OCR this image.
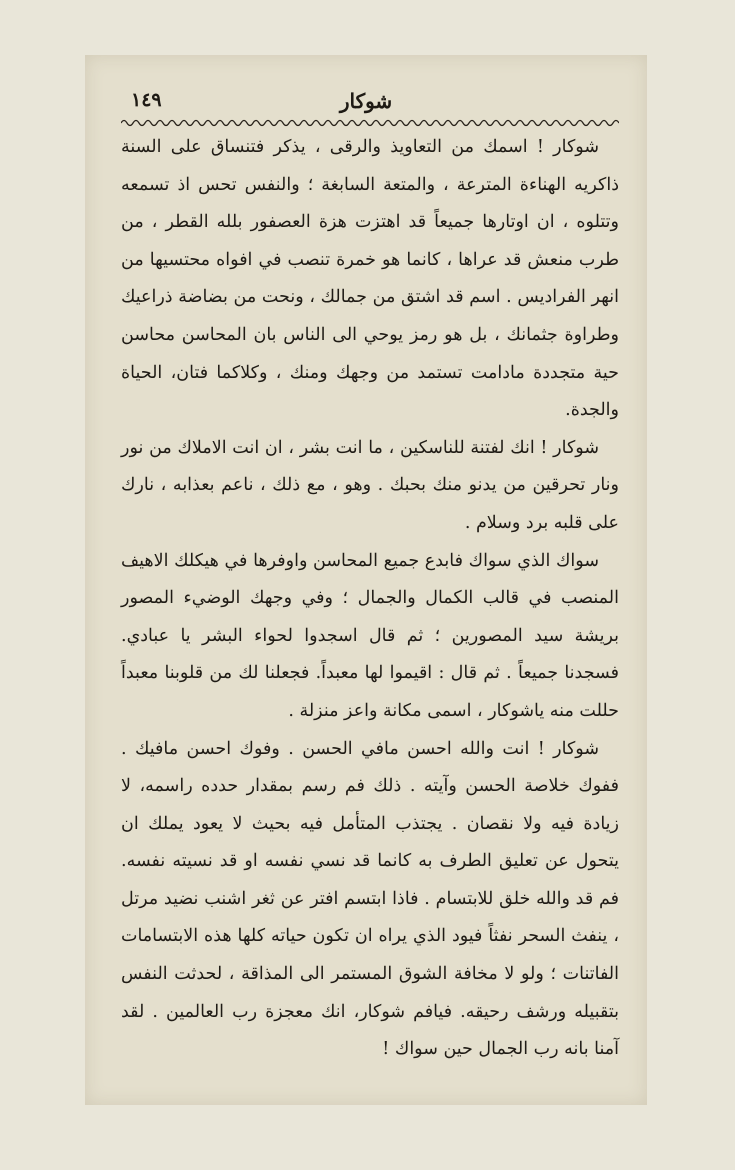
شوكار
١٤٩

شوكار ! اسمك من التعاويذ والرقى ، يذكر فتنساق على السنة ذاكريه الهناءة المترعة ، والمتعة السابغة ؛ والنفس تحس اذ تسمعه وتتلوه ، ان اوتارها جميعاً قد اهتزت هزة العصفور بلله القطر ، من طرب منعش قد عراها ، كانما هو خمرة تنصب في افواه محتسيها من انهر الفراديس . اسم قد اشتق من جمالك ، ونحت من بضاضة ذراعيك وطراوة جثمانك ، بل هو رمز يوحي الى الناس بان المحاسن محاسن حية متجددة مادامت تستمد من وجهك ومنك ، وكلاكما فتان، الحياة والجدة.

شوكار ! انك لفتنة للناسكين ، ما انت بشر ، ان انت الاملاك من نور ونار تحرقين من يدنو منك بحبك . وهو ، مع ذلك ، ناعم بعذابه ، نارك على قلبه برد وسلام .

سواك الذي سواك فابدع جميع المحاسن واوفرها في هيكلك الاهيف المنصب في قالب الكمال والجمال ؛ وفي وجهك الوضيء المصور بريشة سيد المصورين ؛ ثم قال اسجدوا لحواء البشر يا عبادي. فسجدنا جميعاً . ثم قال : اقيموا لها معبداً. فجعلنا لك من قلوبنا معبداً حللت منه ياشوكار ، اسمى مكانة واعز منزلة .

شوكار ! انت والله احسن مافي الحسن . وفوك احسن مافيك . ففوك خلاصة الحسن وآيته . ذلك فم رسم بمقدار حدده راسمه، لا زيادة فيه ولا نقصان . يجتذب المتأمل فيه بحيث لا يعود يملك ان يتحول عن تعليق الطرف به كانما قد نسي نفسه او قد نسيته نفسه. فم قد والله خلق للابتسام . فاذا ابتسم افتر عن ثغر اشنب نضيد مرتل ، ينفث السحر نفثاً فيود الذي يراه ان تكون حياته كلها هذه الابتسامات الفاتنات ؛ ولو لا مخافة الشوق المستمر الى المذاقة ، لحدثت النفس بتقبيله ورشف رحيقه. فيافم شوكار، انك معجزة رب العالمين . لقد آمنا بانه رب الجمال حين سواك !
